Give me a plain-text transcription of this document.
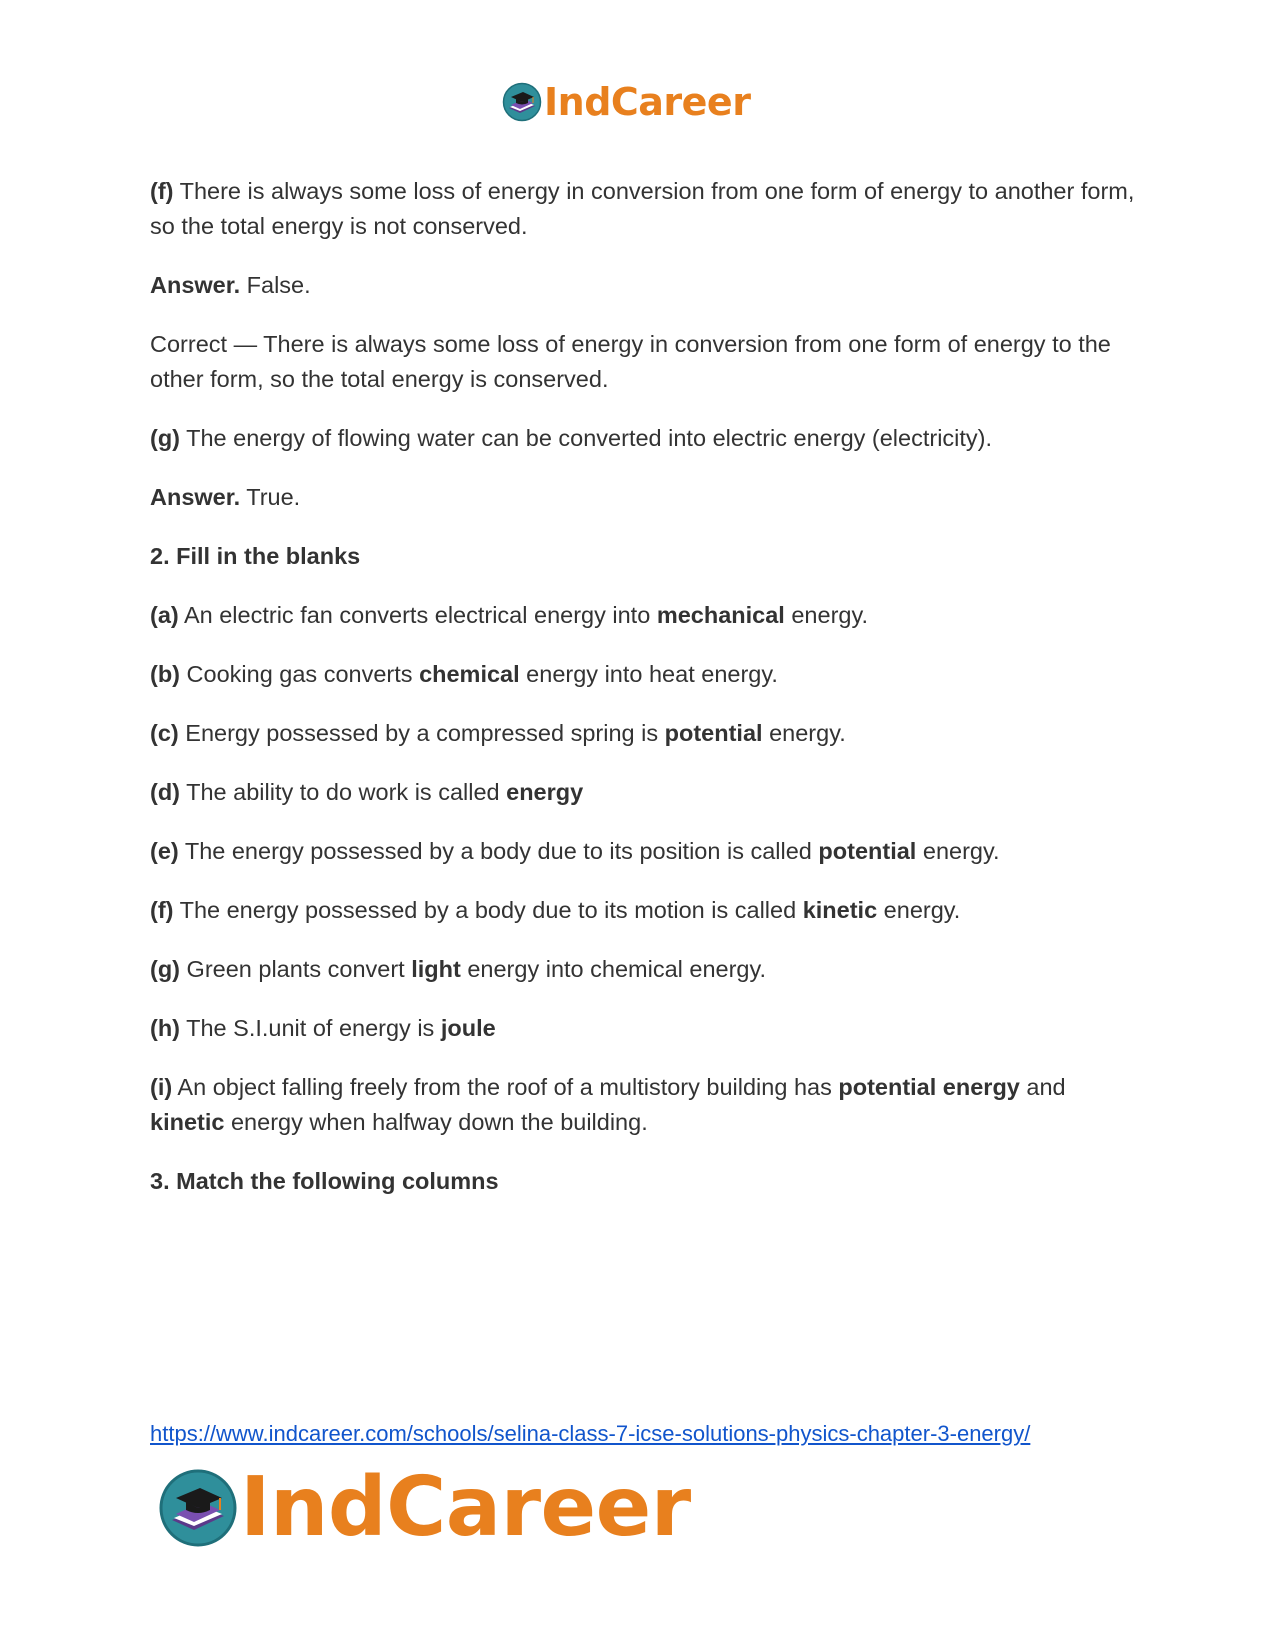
IndCareer

(f) There is always some loss of energy in conversion from one form of energy to another form, so the total energy is not conserved.

Answer. False.

Correct — There is always some loss of energy in conversion from one form of energy to the other form, so the total energy is conserved.

(g) The energy of flowing water can be converted into electric energy (electricity).

Answer. True.

2. Fill in the blanks

(a) An electric fan converts electrical energy into mechanical energy.

(b) Cooking gas converts chemical energy into heat energy.

(c) Energy possessed by a compressed spring is potential energy.

(d) The ability to do work is called energy

(e) The energy possessed by a body due to its position is called potential energy.

(f) The energy possessed by a body due to its motion is called kinetic energy.

(g) Green plants convert light energy into chemical energy.

(h) The S.I.unit of energy is joule

(i) An object falling freely from the roof of a multistory building has potential energy and kinetic energy when halfway down the building.

3. Match the following columns

https://www.indcareer.com/schools/selina-class-7-icse-solutions-physics-chapter-3-energy/
IndCareer
